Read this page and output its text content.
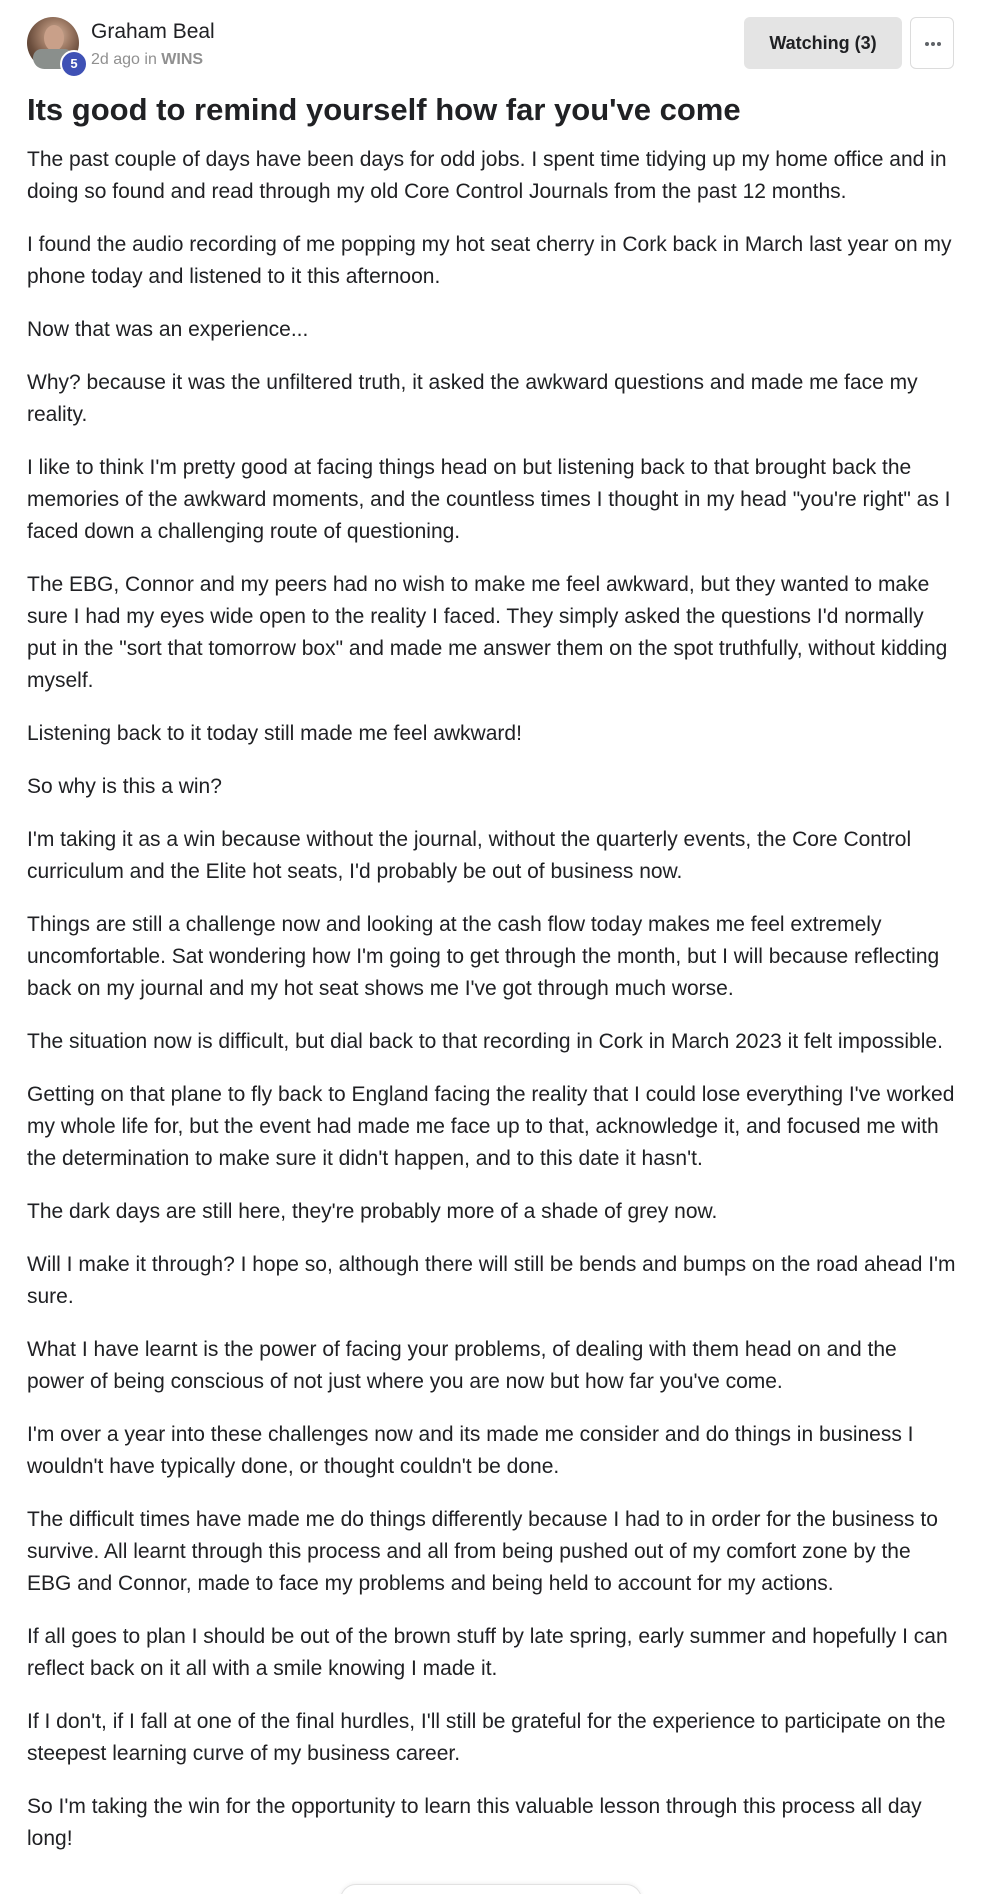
5
Graham Beal
2d ago in WINS
Watching (3)
Its good to remind yourself how far you've come

The past couple of days have been days for odd jobs. I spent time tidying up my home office and in doing so found and read through my old Core Control Journals from the past 12 months.

I found the audio recording of me popping my hot seat cherry in Cork back in March last year on my phone today and listened to it this afternoon.

Now that was an experience...

Why? because it was the unfiltered truth, it asked the awkward questions and made me face my reality.

I like to think I'm pretty good at facing things head on but listening back to that brought back the memories of the awkward moments, and the countless times I thought in my head "you're right" as I faced down a challenging route of questioning.

The EBG, Connor and my peers had no wish to make me feel awkward, but they wanted to make sure I had my eyes wide open to the reality I faced. They simply asked the questions I'd normally put in the "sort that tomorrow box" and made me answer them on the spot truthfully, without kidding myself.

Listening back to it today still made me feel awkward!

So why is this a win?

I'm taking it as a win because without the journal, without the quarterly events, the Core Control curriculum and the Elite hot seats, I'd probably be out of business now.

Things are still a challenge now and looking at the cash flow today makes me feel extremely uncomfortable. Sat wondering how I'm going to get through the month, but I will because reflecting back on my journal and my hot seat shows me I've got through much worse.

The situation now is difficult, but dial back to that recording in Cork in March 2023 it felt impossible.

Getting on that plane to fly back to England facing the reality that I could lose everything I've worked my whole life for, but the event had made me face up to that, acknowledge it, and focused me with the determination to make sure it didn't happen, and to this date it hasn't.

The dark days are still here, they're probably more of a shade of grey now.

Will I make it through? I hope so, although there will still be bends and bumps on the road ahead I'm sure.

What I have learnt is the power of facing your problems, of dealing with them head on and the power of being conscious of not just where you are now but how far you've come.

I'm over a year into these challenges now and its made me consider and do things in business I wouldn't have typically done, or thought couldn't be done.

The difficult times have made me do things differently because I had to in order for the business to survive. All learnt through this process and all from being pushed out of my comfort zone by the EBG and Connor, made to face my problems and being held to account for my actions.

If all goes to plan I should be out of the brown stuff by late spring, early summer and hopefully I can reflect back on it all with a smile knowing I made it.

If I don't, if I fall at one of the final hurdles, I'll still be grateful for the experience to participate on the steepest learning curve of my business career.

So I'm taking the win for the opportunity to learn this valuable lesson through this process all day long!
